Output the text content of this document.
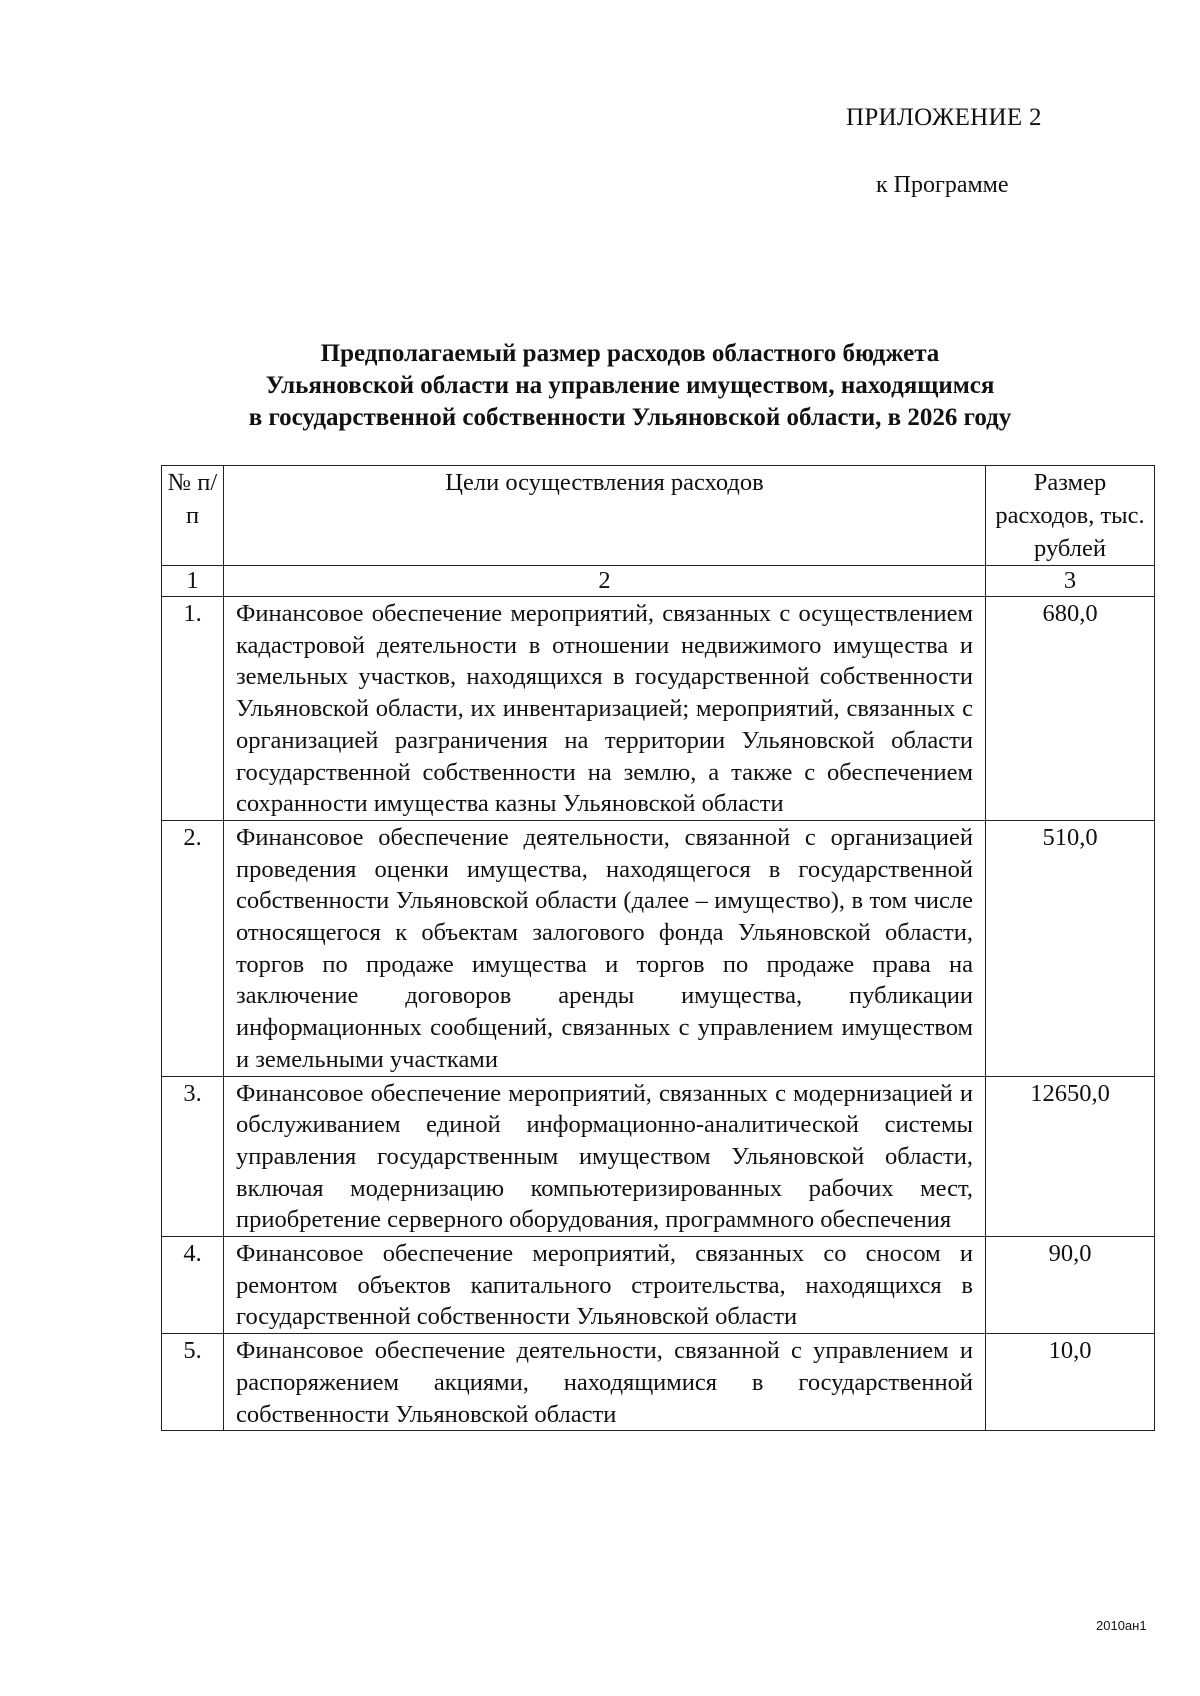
ПРИЛОЖЕНИЕ 2
к Программе
Предполагаемый размер расходов областного бюджета
Ульяновской области на управление имуществом, находящимся
в государственной собственности Ульяновской области, в 2026 году
№ п/п	Цели осуществления расходов	Размер расходов, тыс. рублей
1	2	3
1.	Финансовое обеспечение мероприятий, связанных с осуществлением кадастровой деятельности в отношении недвижимого имущества и земельных участков, находящихся в государственной собственности Ульяновской области, их инвентаризацией; мероприятий, связанных с организацией разграничения на территории Ульяновской области государственной собственности на землю, а также с обеспечением сохранности имущества казны Ульяновской области	680,0
2.	Финансовое обеспечение деятельности, связанной с организацией проведения оценки имущества, находящегося в государственной собственности Ульяновской области (далее – имущество), в том числе относящегося к объектам залогового фонда Ульяновской области, торгов по продаже имущества и торгов по продаже права на заключение договоров аренды имущества, публикации информационных сообщений, связанных с управлением имуществом и земельными участками	510,0
3.	Финансовое обеспечение мероприятий, связанных с модернизацией и обслуживанием единой информационно-аналитической системы управления государственным имуществом Ульяновской области, включая модернизацию компьютеризированных рабочих мест, приобретение серверного оборудования, программного обеспечения	12650,0
4.	Финансовое обеспечение мероприятий, связанных со сносом и ремонтом объектов капитального строительства, находящихся в государственной собственности Ульяновской области	90,0
5.	Финансовое обеспечение деятельности, связанной с управлением и распоряжением акциями, находящимися в государственной собственности Ульяновской области	10,0
2010ан1
